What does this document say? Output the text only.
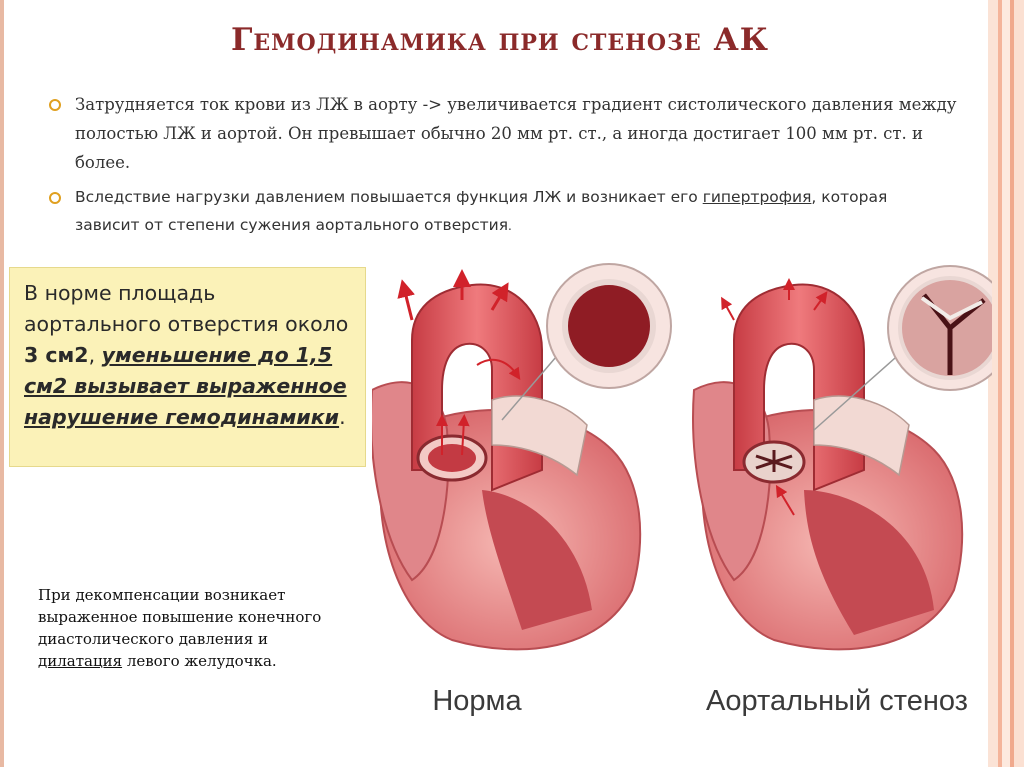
Гемодинамика при стенозе АК
Затрудняется ток крови из ЛЖ в аорту -> увеличивается градиент систолического давления между полостью ЛЖ и аортой. Он превышает обычно 20 мм рт. ст., а иногда достигает 100 мм рт. ст. и более.
Вследствие нагрузки давлением повышается функция ЛЖ и возникает его гипертрофия, которая зависит от степени сужения аортального отверстия.
В норме площадь аортального отверстия около 3 см2, уменьшение до 1,5 см2 вызывает выраженное нарушение гемодинамики.
При декомпенсации возникает выраженное повышение конечного диастолического давления и дилатация левого желудочка.
Норма	Аортальный стеноз
